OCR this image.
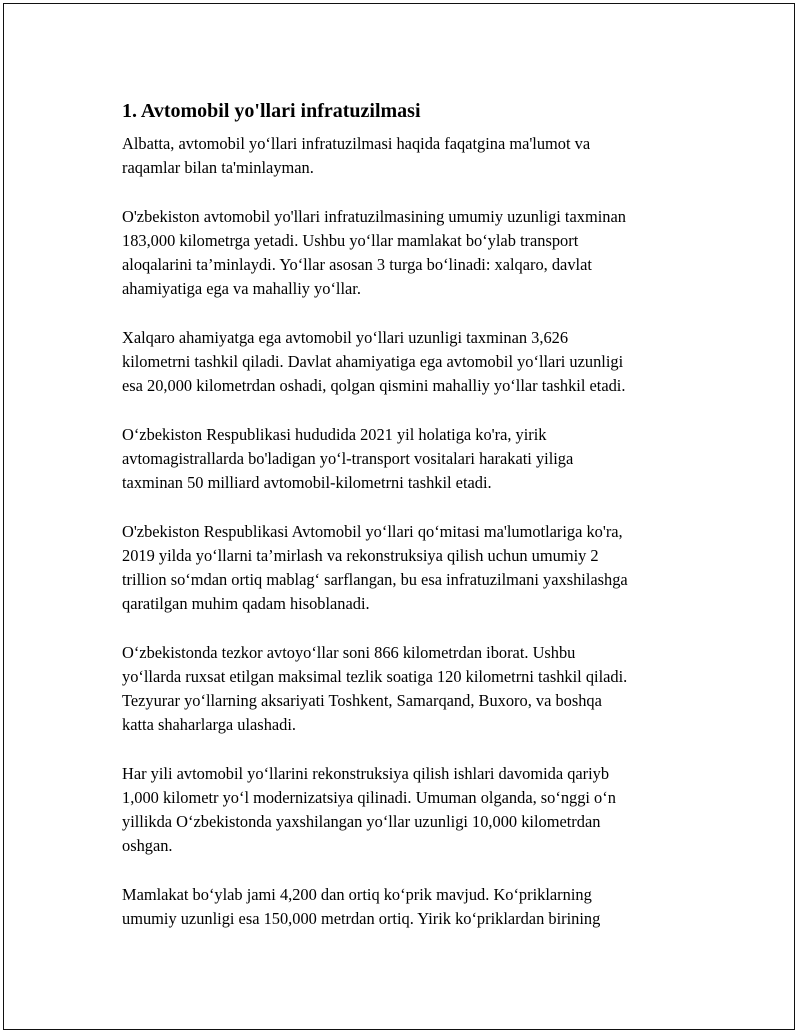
1. Avtomobil yo'llari infratuzilmasi

Albatta, avtomobil yo‘llari infratuzilmasi haqida faqatgina ma'lumot va
raqamlar bilan ta'minlayman.

O'zbekiston avtomobil yo'llari infratuzilmasining umumiy uzunligi taxminan
183,000 kilometrga yetadi. Ushbu yo‘llar mamlakat bo‘ylab transport
aloqalarini ta’minlaydi. Yo‘llar asosan 3 turga bo‘linadi: xalqaro, davlat
ahamiyatiga ega va mahalliy yo‘llar.

Xalqaro ahamiyatga ega avtomobil yo‘llari uzunligi taxminan 3,626
kilometrni tashkil qiladi. Davlat ahamiyatiga ega avtomobil yo‘llari uzunligi
esa 20,000 kilometrdan oshadi, qolgan qismini mahalliy yo‘llar tashkil etadi.

O‘zbekiston Respublikasi hududida 2021 yil holatiga ko'ra, yirik
avtomagistrallarda bo'ladigan yo‘l-transport vositalari harakati yiliga
taxminan 50 milliard avtomobil-kilometrni tashkil etadi.

O'zbekiston Respublikasi Avtomobil yo‘llari qo‘mitasi ma'lumotlariga ko'ra,
2019 yilda yo‘llarni ta’mirlash va rekonstruksiya qilish uchun umumiy 2
trillion so‘mdan ortiq mablag‘ sarflangan, bu esa infratuzilmani yaxshilashga
qaratilgan muhim qadam hisoblanadi.

O‘zbekistonda tezkor avtoyo‘llar soni 866 kilometrdan iborat. Ushbu
yo‘llarda ruxsat etilgan maksimal tezlik soatiga 120 kilometrni tashkil qiladi.
Tezyurar yo‘llarning aksariyati Toshkent, Samarqand, Buxoro, va boshqa
katta shaharlarga ulashadi.

Har yili avtomobil yo‘llarini rekonstruksiya qilish ishlari davomida qariyb
1,000 kilometr yo‘l modernizatsiya qilinadi. Umuman olganda, so‘nggi o‘n
yillikda O‘zbekistonda yaxshilangan yo‘llar uzunligi 10,000 kilometrdan
oshgan.

Mamlakat bo‘ylab jami 4,200 dan ortiq ko‘prik mavjud. Ko‘priklarning
umumiy uzunligi esa 150,000 metrdan ortiq. Yirik ko‘priklardan birining
